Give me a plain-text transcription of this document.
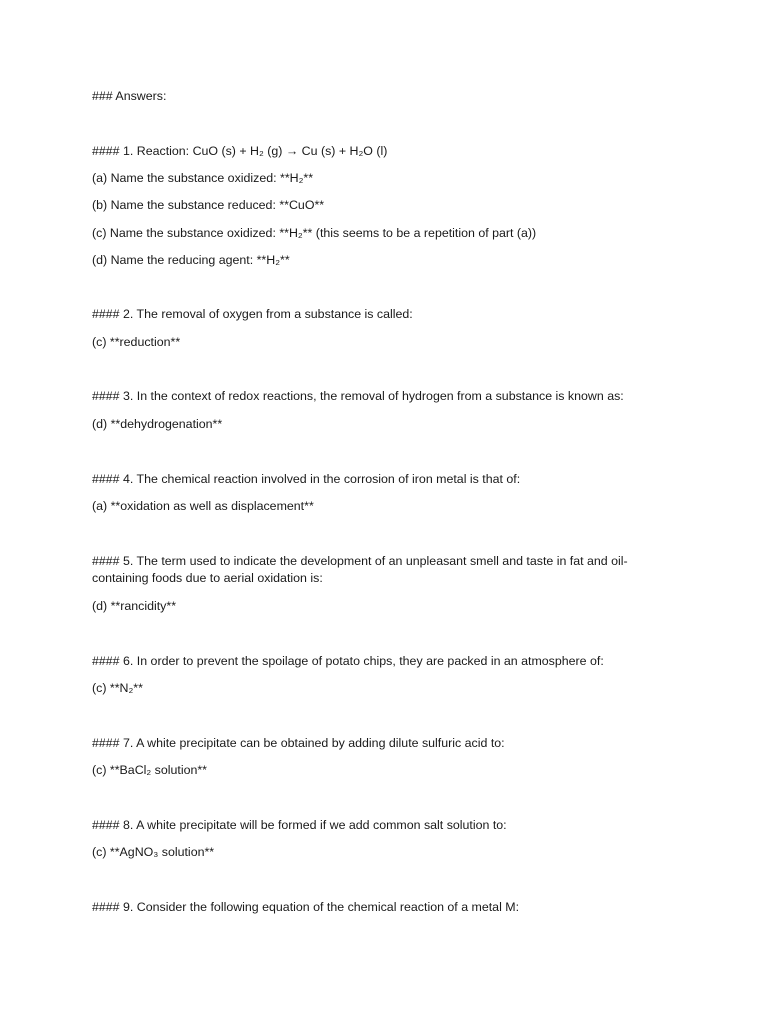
### Answers:
#### 1. Reaction: CuO (s) + H₂ (g) → Cu (s) + H₂O (l)
(a) Name the substance oxidized: **H₂**
(b) Name the substance reduced: **CuO**
(c) Name the substance oxidized: **H₂** (this seems to be a repetition of part (a))
(d) Name the reducing agent: **H₂**
#### 2. The removal of oxygen from a substance is called:
(c) **reduction**
#### 3. In the context of redox reactions, the removal of hydrogen from a substance is known as:
(d) **dehydrogenation**
#### 4. The chemical reaction involved in the corrosion of iron metal is that of:
(a) **oxidation as well as displacement**
#### 5. The term used to indicate the development of an unpleasant smell and taste in fat and oil-containing foods due to aerial oxidation is:
(d) **rancidity**
#### 6. In order to prevent the spoilage of potato chips, they are packed in an atmosphere of:
(c) **N₂**
#### 7. A white precipitate can be obtained by adding dilute sulfuric acid to:
(c) **BaCl₂ solution**
#### 8. A white precipitate will be formed if we add common salt solution to:
(c) **AgNO₃ solution**
#### 9. Consider the following equation of the chemical reaction of a metal M:
